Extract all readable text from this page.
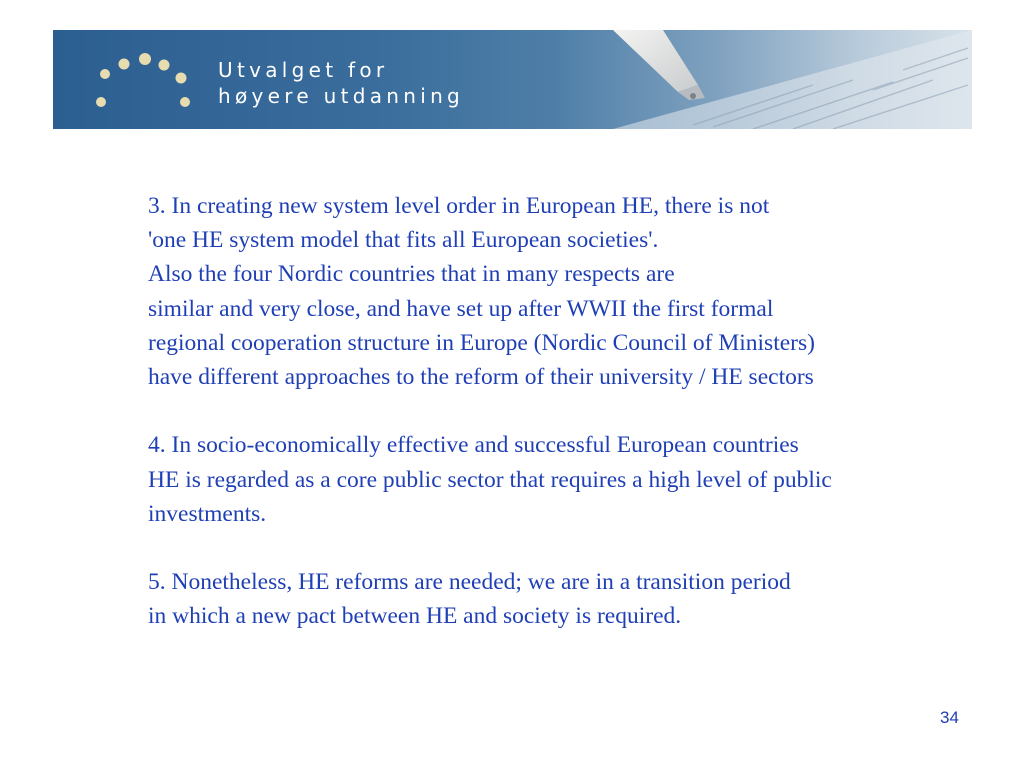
Utvalget for
høyere utdanning
3. In creating new system level order in European HE, there is not
'one HE system model that fits all European societies'.
Also the four Nordic countries that in many respects are
similar and very close, and have set up after WWII the first formal
regional cooperation structure in Europe (Nordic Council of Ministers)
have different approaches to the reform of their university / HE sectors
4. In socio-economically effective and successful European countries
HE is regarded as a core public sector that requires a high level of public
investments.
5. Nonetheless, HE reforms are needed; we are in a transition period
in which a new pact between HE and society is required.
34
